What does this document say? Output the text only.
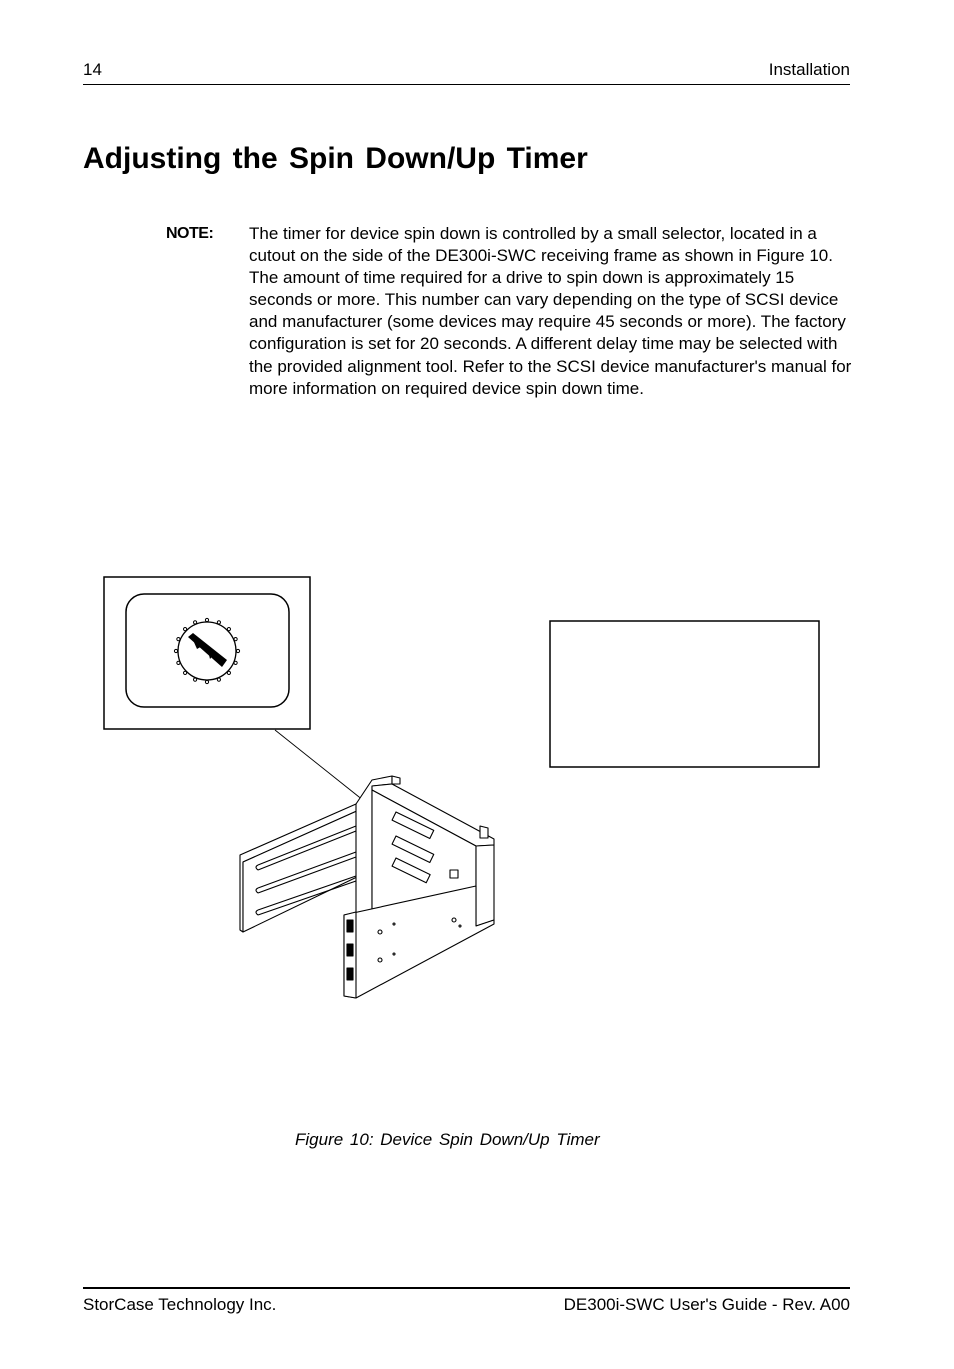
14	Installation
Adjusting the Spin Down/Up Timer
NOTE: The timer for device spin down is controlled by a small selector, located in a cutout on the side of the DE300i-SWC receiving frame as shown in Figure 10. The amount of time required for a drive to spin down is approximately 15 seconds or more. This number can vary depending on the type of SCSI device and manufacturer (some devices may require 45 seconds or more). The factory configuration is set for 20 seconds. A different delay time may be selected with the provided alignment tool. Refer to the SCSI device manufacturer's manual for more information on required device spin down time.

Figure 10: Device Spin Down/Up Timer
StorCase Technology Inc.	DE300i-SWC User's Guide - Rev. A00
